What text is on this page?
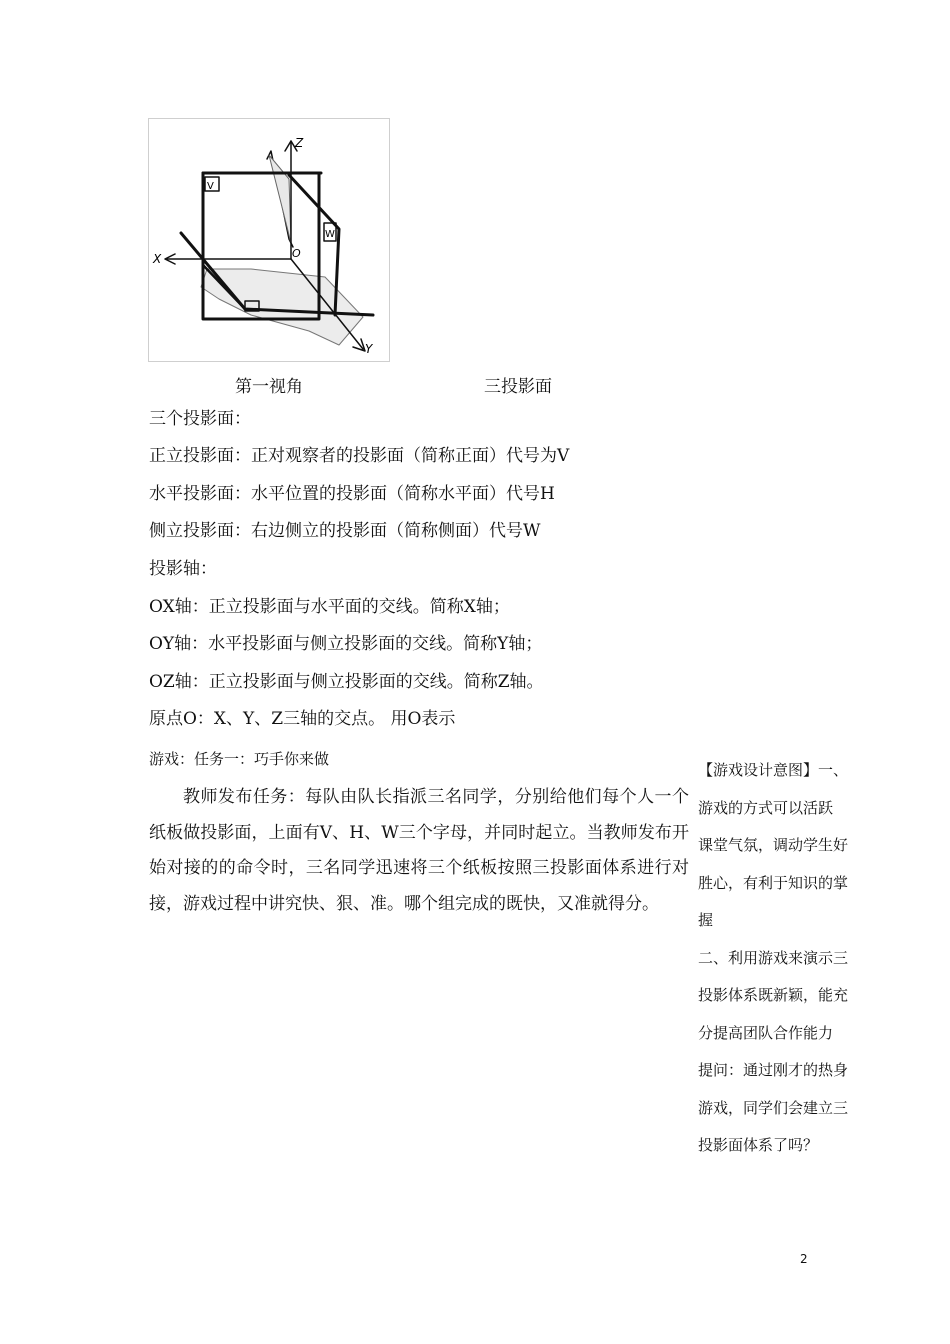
Z
X
Y
O
V
W
第一视角	三投影面
三个投影面：
正立投影面：正对观察者的投影面（简称正面）代号为V
水平投影面：水平位置的投影面（简称水平面）代号H
侧立投影面：右边侧立的投影面（简称侧面）代号W
投影轴：
OX轴：正立投影面与水平面的交线。简称X轴；
OY轴：水平投影面与侧立投影面的交线。简称Y轴；
OZ轴：正立投影面与侧立投影面的交线。简称Z轴。
原点O：X、Y、Z三轴的交点。 用O表示
游戏：任务一：巧手你来做
教师发布任务：每队由队长指派三名同学，分别给他们每个人一个纸板做投影面，上面有V、H、W三个字母，并同时起立。当教师发布开始对接的的命令时，三名同学迅速将三个纸板按照三投影面体系进行对接，游戏过程中讲究快、狠、准。哪个组完成的既快，又准就得分。
【游戏设计意图】一、
游戏的方式可以活跃
课堂气氛，调动学生好
胜心，有利于知识的掌
握
二、利用游戏来演示三
投影体系既新颖，能充
分提高团队合作能力
提问：通过刚才的热身
游戏，同学们会建立三
投影面体系了吗？
2
